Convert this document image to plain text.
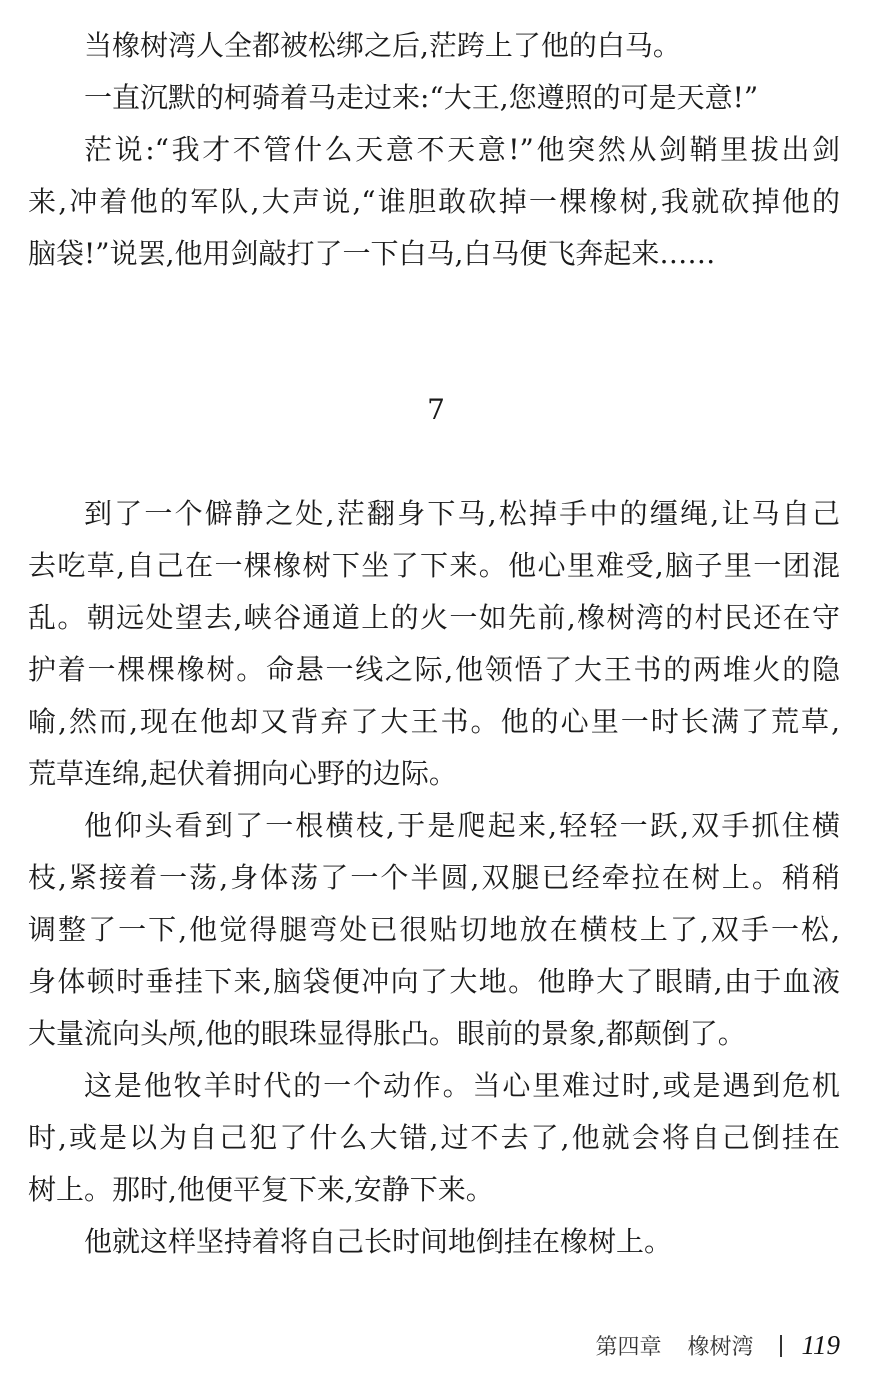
当橡树湾人全都被松绑之后,茫跨上了他的白马。
一直沉默的柯骑着马走过来:“大王,您遵照的可是天意!”
茫说:“我才不管什么天意不天意!”他突然从剑鞘里拔出剑
来,冲着他的军队,大声说,“谁胆敢砍掉一棵橡树,我就砍掉他的
脑袋!”说罢,他用剑敲打了一下白马,白马便飞奔起来……
7
到了一个僻静之处,茫翻身下马,松掉手中的缰绳,让马自己
去吃草,自己在一棵橡树下坐了下来。他心里难受,脑子里一团混
乱。朝远处望去,峡谷通道上的火一如先前,橡树湾的村民还在守
护着一棵棵橡树。命悬一线之际,他领悟了大王书的两堆火的隐
喻,然而,现在他却又背弃了大王书。他的心里一时长满了荒草,
荒草连绵,起伏着拥向心野的边际。
他仰头看到了一根横枝,于是爬起来,轻轻一跃,双手抓住横
枝,紧接着一荡,身体荡了一个半圆,双腿已经牵拉在树上。稍稍
调整了一下,他觉得腿弯处已很贴切地放在横枝上了,双手一松,
身体顿时垂挂下来,脑袋便冲向了大地。他睁大了眼睛,由于血液
大量流向头颅,他的眼珠显得胀凸。眼前的景象,都颠倒了。
这是他牧羊时代的一个动作。当心里难过时,或是遇到危机
时,或是以为自己犯了什么大错,过不去了,他就会将自己倒挂在
树上。那时,他便平复下来,安静下来。
他就这样坚持着将自己长时间地倒挂在橡树上。
第四章 橡树湾 119
